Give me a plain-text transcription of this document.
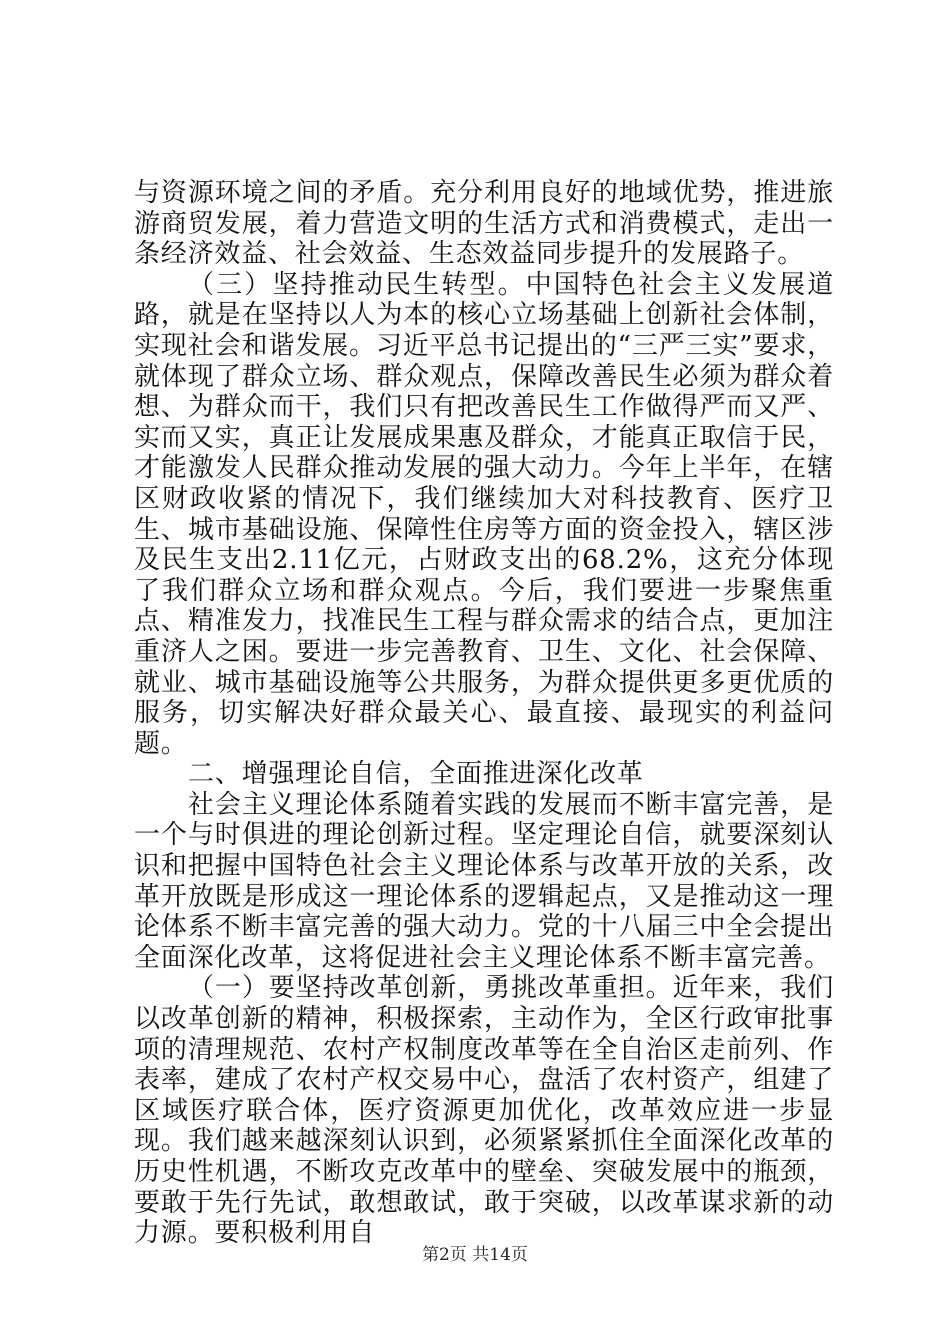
与资源环境之间的矛盾。充分利用良好的地域优势，推进旅游商贸发展，着力营造文明的生活方式和消费模式，走出一条经济效益、社会效益、生态效益同步提升的发展路子。

（三）坚持推动民生转型。中国特色社会主义发展道路，就是在坚持以人为本的核心立场基础上创新社会体制，实现社会和谐发展。习近平总书记提出的“三严三实”要求，就体现了群众立场、群众观点，保障改善民生必须为群众着想、为群众而干，我们只有把改善民生工作做得严而又严、实而又实，真正让发展成果惠及群众，才能真正取信于民，才能激发人民群众推动发展的强大动力。今年上半年，在辖区财政收紧的情况下，我们继续加大对科技教育、医疗卫生、城市基础设施、保障性住房等方面的资金投入，辖区涉及民生支出2.11亿元，占财政支出的68.2%，这充分体现了我们群众立场和群众观点。今后，我们要进一步聚焦重点、精准发力，找准民生工程与群众需求的结合点，更加注重济人之困。要进一步完善教育、卫生、文化、社会保障、就业、城市基础设施等公共服务，为群众提供更多更优质的服务，切实解决好群众最关心、最直接、最现实的利益问题。

二、增强理论自信，全面推进深化改革

社会主义理论体系随着实践的发展而不断丰富完善，是一个与时俱进的理论创新过程。坚定理论自信，就要深刻认识和把握中国特色社会主义理论体系与改革开放的关系，改革开放既是形成这一理论体系的逻辑起点，又是推动这一理论体系不断丰富完善的强大动力。党的十八届三中全会提出全面深化改革，这将促进社会主义理论体系不断丰富完善。

（一）要坚持改革创新，勇挑改革重担。近年来，我们以改革创新的精神，积极探索，主动作为，全区行政审批事项的清理规范、农村产权制度改革等在全自治区走前列、作表率，建成了农村产权交易中心，盘活了农村资产，组建了区域医疗联合体，医疗资源更加优化，改革效应进一步显现。我们越来越深刻认识到，必须紧紧抓住全面深化改革的历史性机遇，不断攻克改革中的壁垒、突破发展中的瓶颈，要敢于先行先试，敢想敢试，敢于突破，以改革谋求新的动力源。要积极利用自

第2页 共14页
